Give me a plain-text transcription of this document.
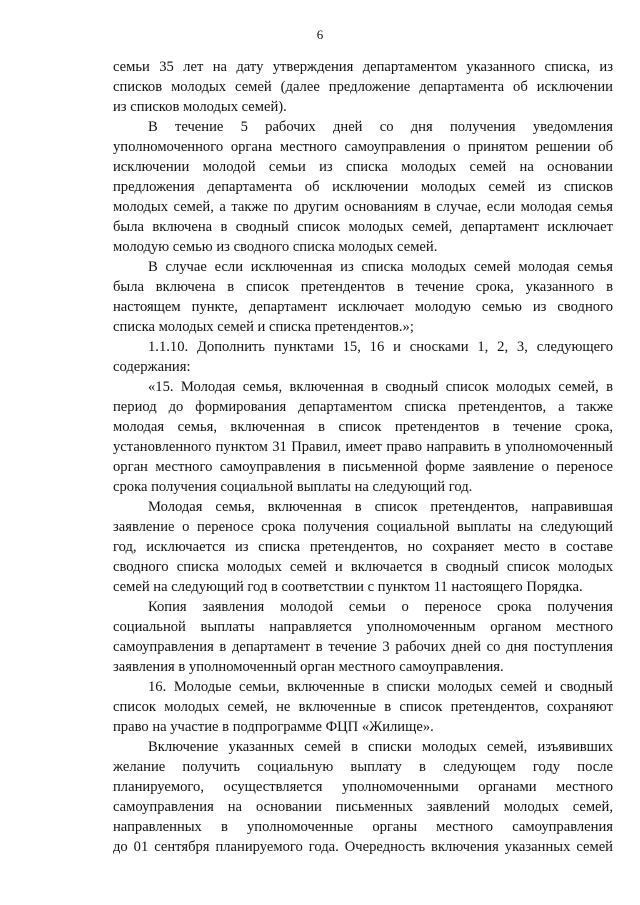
6
семьи 35 лет на дату утверждения департаментом указанного списка, из
списков молодых семей (далее предложение департамента об исключении
из списков молодых семей).
В течение 5 рабочих дней со дня получения уведомления
уполномоченного органа местного самоуправления о принятом решении об
исключении молодой семьи из списка молодых семей на основании
предложения департамента об исключении молодых семей из списков
молодых семей, а также по другим основаниям в случае, если молодая семья
была включена в сводный список молодых семей, департамент исключает
молодую семью из сводного списка молодых семей.
В случае если исключенная из списка молодых семей молодая семья
была включена в список претендентов в течение срока, указанного в
настоящем пункте, департамент исключает молодую семью из сводного
списка молодых семей и списка претендентов.»;
1.1.10. Дополнить пунктами 15, 16 и сносками 1, 2, 3, следующего
содержания:
«15. Молодая семья, включенная в сводный список молодых семей, в
период до формирования департаментом списка претендентов, а также
молодая семья, включенная в список претендентов в течение срока,
установленного пунктом 31 Правил, имеет право направить в уполномоченный
орган местного самоуправления в письменной форме заявление о переносе
срока получения социальной выплаты на следующий год.
Молодая семья, включенная в список претендентов, направившая
заявление о переносе срока получения социальной выплаты на следующий
год, исключается из списка претендентов, но сохраняет место в составе
сводного списка молодых семей и включается в сводный список молодых
семей на следующий год в соответствии с пунктом 11 настоящего Порядка.
Копия заявления молодой семьи о переносе срока получения
социальной выплаты направляется уполномоченным органом местного
самоуправления в департамент в течение 3 рабочих дней со дня поступления
заявления в уполномоченный орган местного самоуправления.
16. Молодые семьи, включенные в списки молодых семей и сводный
список молодых семей, не включенные в список претендентов, сохраняют
право на участие в подпрограмме ФЦП «Жилище».
Включение указанных семей в списки молодых семей, изъявивших
желание получить социальную выплату в следующем году после
планируемого, осуществляется уполномоченными органами местного
самоуправления на основании письменных заявлений молодых семей,
направленных в уполномоченные органы местного самоуправления
до 01 сентября планируемого года. Очередность включения указанных семей
